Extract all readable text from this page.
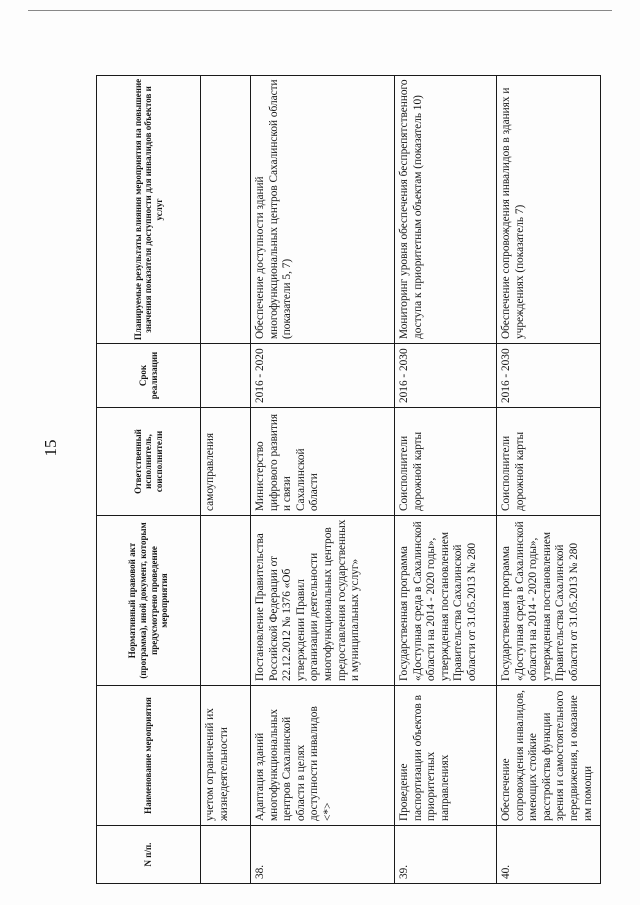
15
N п/п.	Наименование мероприятия	Нормативный правовой акт (программа), иной документ, которым предусмотрено проведение мероприятия	Ответственный исполнитель, соисполнители	Срок реализации	Планируемые результаты влияния мероприятия на повышение значения показателя доступности для инвалидов объектов и услуг
	учетом ограничений их жизнедеятельности		самоуправления		
38.	Адаптация зданий многофункциональных центров Сахалинской области в целях доступности инвалидов <*>	Постановление Правительства Российской Федерации от 22.12.2012 № 1376 «Об утверждении Правил организации деятельности многофункциональных центров предоставления государственных и муниципальных услуг»	Министерство цифрового развития и связи Сахалинской области	2016 - 2020	Обеспечение доступности зданий многофункциональных центров Сахалинской области (показатели 5, 7)
39.	Проведение паспортизации объектов в приоритетных направлениях	Государственная программа «Доступная среда в Сахалинской области на 2014 - 2020 годы», утвержденная постановлением Правительства Сахалинской области от 31.05.2013 № 280	Соисполнители дорожной карты	2016 - 2030	Мониторинг уровня обеспечения беспрепятственного доступа к приоритетным объектам (показатель 10)
40.	Обеспечение сопровождения инвалидов, имеющих стойкие расстройства функции зрения и самостоятельного передвижения, и оказание им помощи	Государственная программа «Доступная среда в Сахалинской области на 2014 - 2020 годы», утвержденная постановлением Правительства Сахалинской области от 31.05.2013 № 280	Соисполнители дорожной карты	2016 - 2030	Обеспечение сопровождения инвалидов в зданиях и учреждениях (показатель 7)
